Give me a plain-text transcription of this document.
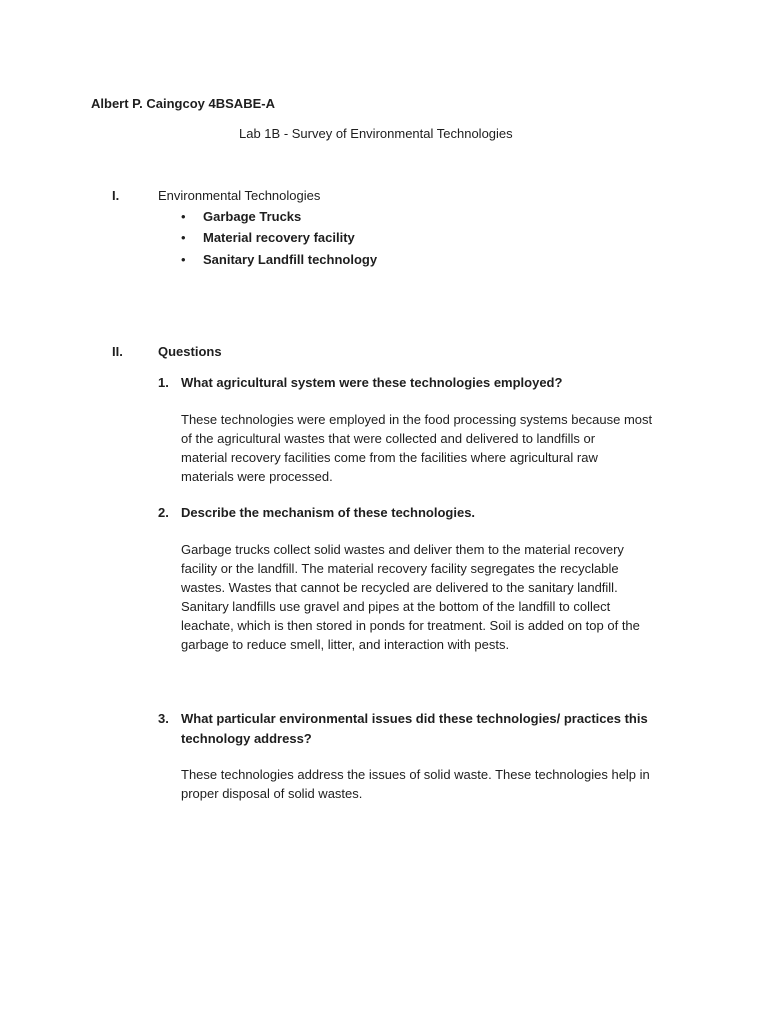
Albert P. Caingcoy 4BSABE-A
Lab 1B - Survey of Environmental Technologies
I.	Environmental Technologies
• Garbage Trucks
• Material recovery facility
• Sanitary Landfill technology
II.	Questions
1. What agricultural system were these technologies employed?
These technologies were employed in the food processing systems because most
of the agricultural wastes that were collected and delivered to landfills or
material recovery facilities come from the facilities where agricultural raw
materials were processed.
2. Describe the mechanism of these technologies.
Garbage trucks collect solid wastes and deliver them to the material recovery
facility or the landfill. The material recovery facility segregates the recyclable
wastes. Wastes that cannot be recycled are delivered to the sanitary landfill.
Sanitary landfills use gravel and pipes at the bottom of the landfill to collect
leachate, which is then stored in ponds for treatment. Soil is added on top of the
garbage to reduce smell, litter, and interaction with pests.
3. What particular environmental issues did these technologies/ practices this
technology address?
These technologies address the issues of solid waste. These technologies help in
proper disposal of solid wastes.
